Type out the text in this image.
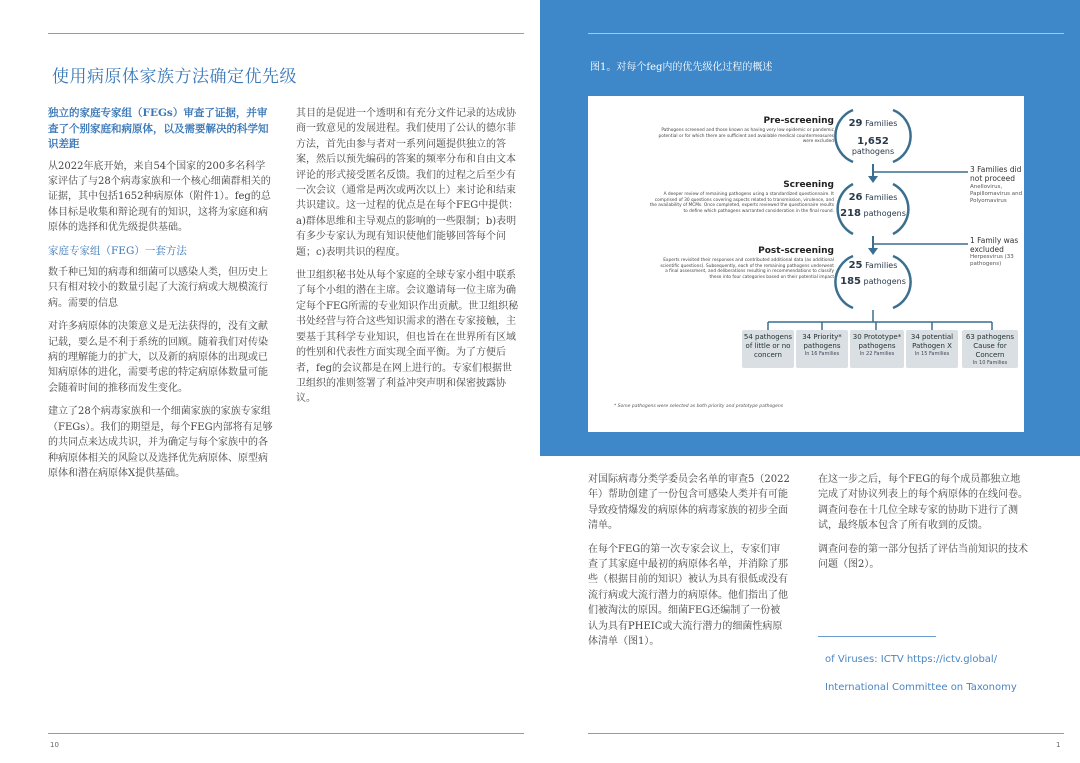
使用病原体家族方法确定优先级
独立的家庭专家组（FEGs）审查了证据，并审查了个别家庭和病原体，以及需要解决的科学知识差距

从2022年底开始，来自54个国家的200多名科学家评估了与28个病毒家族和一个核心细菌群相关的证据，其中包括1652种病原体（附件1）。feg的总体目标是收集和辩论现有的知识，这将为家庭和病原体的选择和优先级提供基础。

家庭专家组（FEG）一套方法

数千种已知的病毒和细菌可以感染人类，但历史上只有相对较小的数量引起了大流行病或大规模流行病。需要的信息

对许多病原体的决策意义是无法获得的，没有文献记载，要么是不利于系统的回顾。随着我们对传染病的理解能力的扩大，以及新的病原体的出现或已知病原体的进化，需要考虑的特定病原体数量可能会随着时间的推移而发生变化。

建立了28个病毒家族和一个细菌家族的家族专家组（FEGs）。我们的期望是，每个FEG内部将有足够的共同点来达成共识，并为确定与每个家族中的各种病原体相关的风险以及选择优先病原体、原型病原体和潜在病原体X提供基础。

其目的是促进一个透明和有充分文件记录的达成协商一致意见的发展进程。我们使用了公认的德尔菲方法，首先由参与者对一系列问题提供独立的答案，然后以预先编码的答案的频率分布和自由文本评论的形式接受匿名反馈。我们的过程之后至少有一次会议（通常是两次或两次以上）来讨论和结束共识建议。这一过程的优点是在每个FEG中提供：a)群体思维和主导观点的影响的一些限制；b)表明有多少专家认为现有知识使他们能够回答每个问题；c)表明共识的程度。

世卫组织秘书处从每个家庭的全球专家小组中联系了每个小组的潜在主席。会议邀请每一位主席为确定每个FEG所需的专业知识作出贡献。世卫组织秘书处经营与符合这些知识需求的潜在专家接触，主要基于其科学专业知识，但也旨在在世界所有区域的性别和代表性方面实现全面平衡。为了方便后者，feg的会议都是在网上进行的。专家们根据世卫组织的准则签署了利益冲突声明和保密披露协议。

10
图1。对每个feg内的优先级化过程的概述
Pre-screening
Pathogens screened and those known as having very low epidemic or pandemic potential or for which there are sufficient and available medical countermeasures were excluded
29 Families
1,652 pathogens
Screening
A deeper review of remaining pathogens using a standardized questionnaire. It comprised of 30 questions covering aspects related to transmission, virulence, and the availability of MCMs. Once completed, experts reviewed the questionnaire results to define which pathogens warranted consideration in the final round.
26 Families
218 pathogens
Post-screening
Experts revisited their responses and contributed additional data (as additional scientific questions). Subsequently, each of the remaining pathogens underwent a final assessment, and deliberations resulting in recommendations to classify these into four categories based on their potential impact
25 Families
185 pathogens
3 Families did not proceed
Anellovirus, Papillomavirus and Polyomavirus
1 Family was excluded
Herpesvirus (33 pathogens)
54 pathogens
of little or no concern
34 Priority*
pathogens
In 16 Families
30 Prototype*
pathogens
In 22 Families
34 potential
Pathogen X
In 15 Families
63 pathogens
Cause for Concern
In 10 Families
* Some pathogens were selected as both priority and prototype pathogens

对国际病毒分类学委员会名单的审查5（2022年）帮助创建了一份包含可感染人类并有可能导致疫情爆发的病原体的病毒家族的初步全面清单。

在每个FEG的第一次专家会议上，专家们审查了其家庭中最初的病原体名单，并消除了那些（根据目前的知识）被认为具有很低或没有流行病或大流行潜力的病原体。他们指出了他们被淘汰的原因。细菌FEG还编制了一份被认为具有PHEIC或大流行潜力的细菌性病原体清单（图1）。

在这一步之后，每个FEG的每个成员都独立地完成了对协议列表上的每个病原体的在线问卷。调查问卷在十几位全球专家的协助下进行了测试，最终版本包含了所有收到的反馈。

调查问卷的第一部分包括了评估当前知识的技术问题（图2）。

of Viruses: ICTV https://ictv.global/
International Committee on Taxonomy
1
